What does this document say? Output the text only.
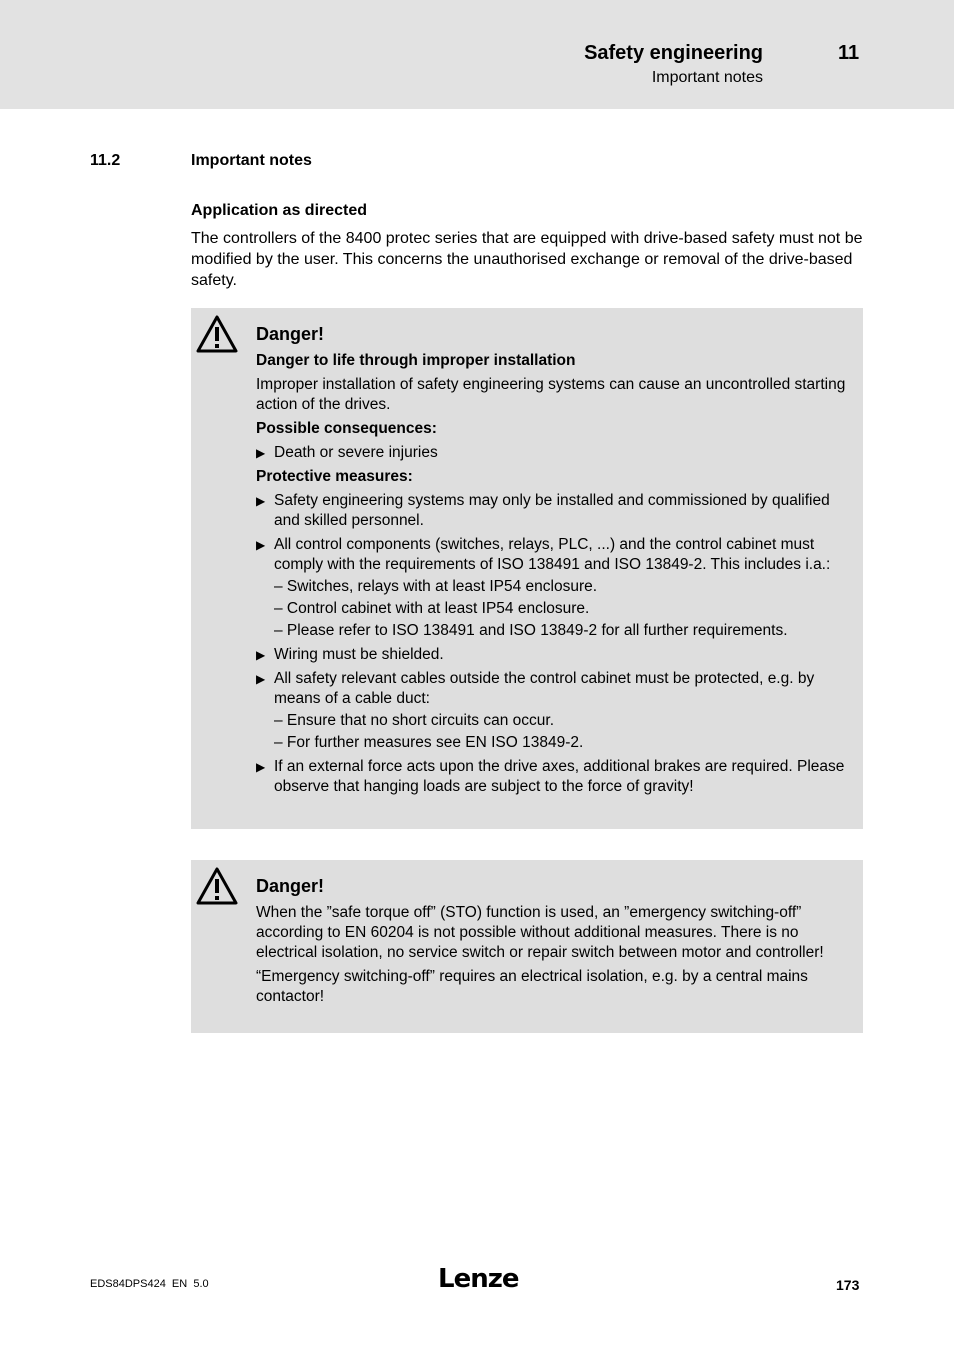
Safety engineering
Important notes
11
11.2	Important notes
Application as directed

The controllers of the 8400 protec series that are equipped with drive-based safety must not be modified by the user. This concerns the unauthorised exchange or removal of the drive-based safety.

Danger!
Danger to life through improper installation
Improper installation of safety engineering systems can cause an uncontrolled starting action of the drives.
Possible consequences:
▶ Death or severe injuries
Protective measures:
▶ Safety engineering systems may only be installed and commissioned by qualified and skilled personnel.
▶ All control components (switches, relays, PLC, ...) and the control cabinet must comply with the requirements of ISO 138491 and ISO 13849-2. This includes i.a.:
– Switches, relays with at least IP54 enclosure.
– Control cabinet with at least IP54 enclosure.
– Please refer to ISO 138491 and ISO 13849-2 for all further requirements.
▶ Wiring must be shielded.
▶ All safety relevant cables outside the control cabinet must be protected, e.g. by means of a cable duct:
– Ensure that no short circuits can occur.
– For further measures see EN ISO 13849-2.
▶ If an external force acts upon the drive axes, additional brakes are required. Please observe that hanging loads are subject to the force of gravity!
Danger!
When the ”safe torque off” (STO) function is used, an ”emergency switching-off” according to EN 60204 is not possible without additional measures. There is no electrical isolation, no service switch or repair switch between motor and controller!
“Emergency switching-off” requires an electrical isolation, e.g. by a central mains contactor!
EDS84DPS424  EN  5.0	Lenze	173
